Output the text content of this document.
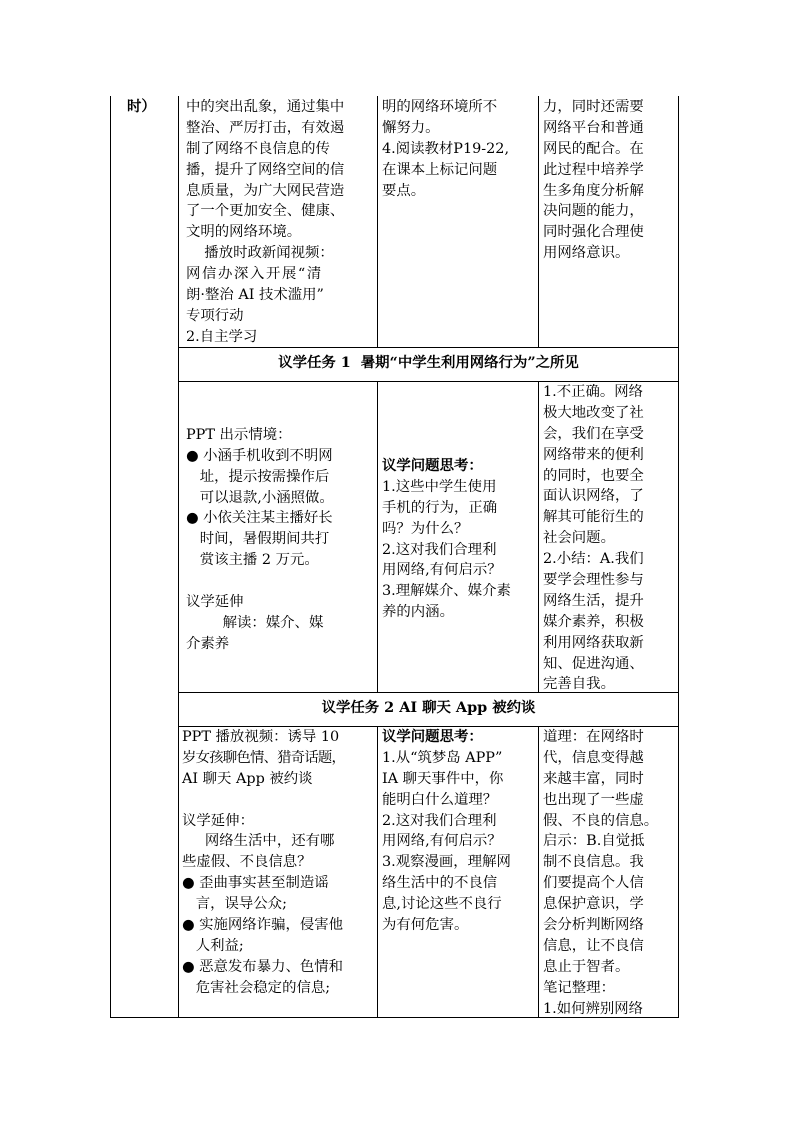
时） 中的突出乱象，通过集中
整治、严厉打击，有效遏
制了网络不良信息的传
播，提升了网络空间的信
息质量，为广大网民营造
了一个更加安全、健康、
文明的网络环境。
播放时政新闻视频：
网信办深入开展“清
朗·整治 AI 技术滥用”
专项行动
2.自主学习
明的网络环境所不
懈努力。
4.阅读教材P19-22,
在课本上标记问题
要点。
力，同时还需要
网络平台和普通
网民的配合。在
此过程中培养学
生多角度分析解
决问题的能力，
同时强化合理使
用网络意识。
议学任务 1  暑期“中学生利用网络行为”之所见
PPT 出示情境：
● 小涵手机收到不明网
址，提示按需操作后
可以退款,小涵照做。
● 小依关注某主播好长
时间，暑假期间共打
赏该主播 2 万元。
议学延伸
解读：媒介、媒
介素养
议学问题思考：
1.这些中学生使用
手机的行为，正确
吗？为什么？
2.这对我们合理利
用网络,有何启示？
3.理解媒介、媒介素
养的内涵。
1.不正确。网络
极大地改变了社
会，我们在享受
网络带来的便利
的同时，也要全
面认识网络，了
解其可能衍生的
社会问题。
2.小结：A.我们
要学会理性参与
网络生活，提升
媒介素养，积极
利用网络获取新
知、促进沟通、
完善自我。
议学任务 2 AI 聊天 App 被约谈
PPT 播放视频：诱导 10
岁女孩聊色情、猎奇话题，
AI 聊天 App 被约谈
议学延伸：
网络生活中，还有哪
些虚假、不良信息？
● 歪曲事实甚至制造谣
言，误导公众;
● 实施网络诈骗，侵害他
人利益;
● 恶意发布暴力、色情和
危害社会稳定的信息;
议学问题思考：
1.从“筑梦岛 APP”
IA 聊天事件中，你
能明白什么道理？
2.这对我们合理利
用网络,有何启示？
3.观察漫画，理解网
络生活中的不良信
息,讨论这些不良行
为有何危害。
道理：在网络时
代，信息变得越
来越丰富，同时
也出现了一些虚
假、不良的信息。
启示：B.自觉抵
制不良信息。我
们要提高个人信
息保护意识，学
会分析判断网络
信息，让不良信
息止于智者。
笔记整理：
1.如何辨别网络
